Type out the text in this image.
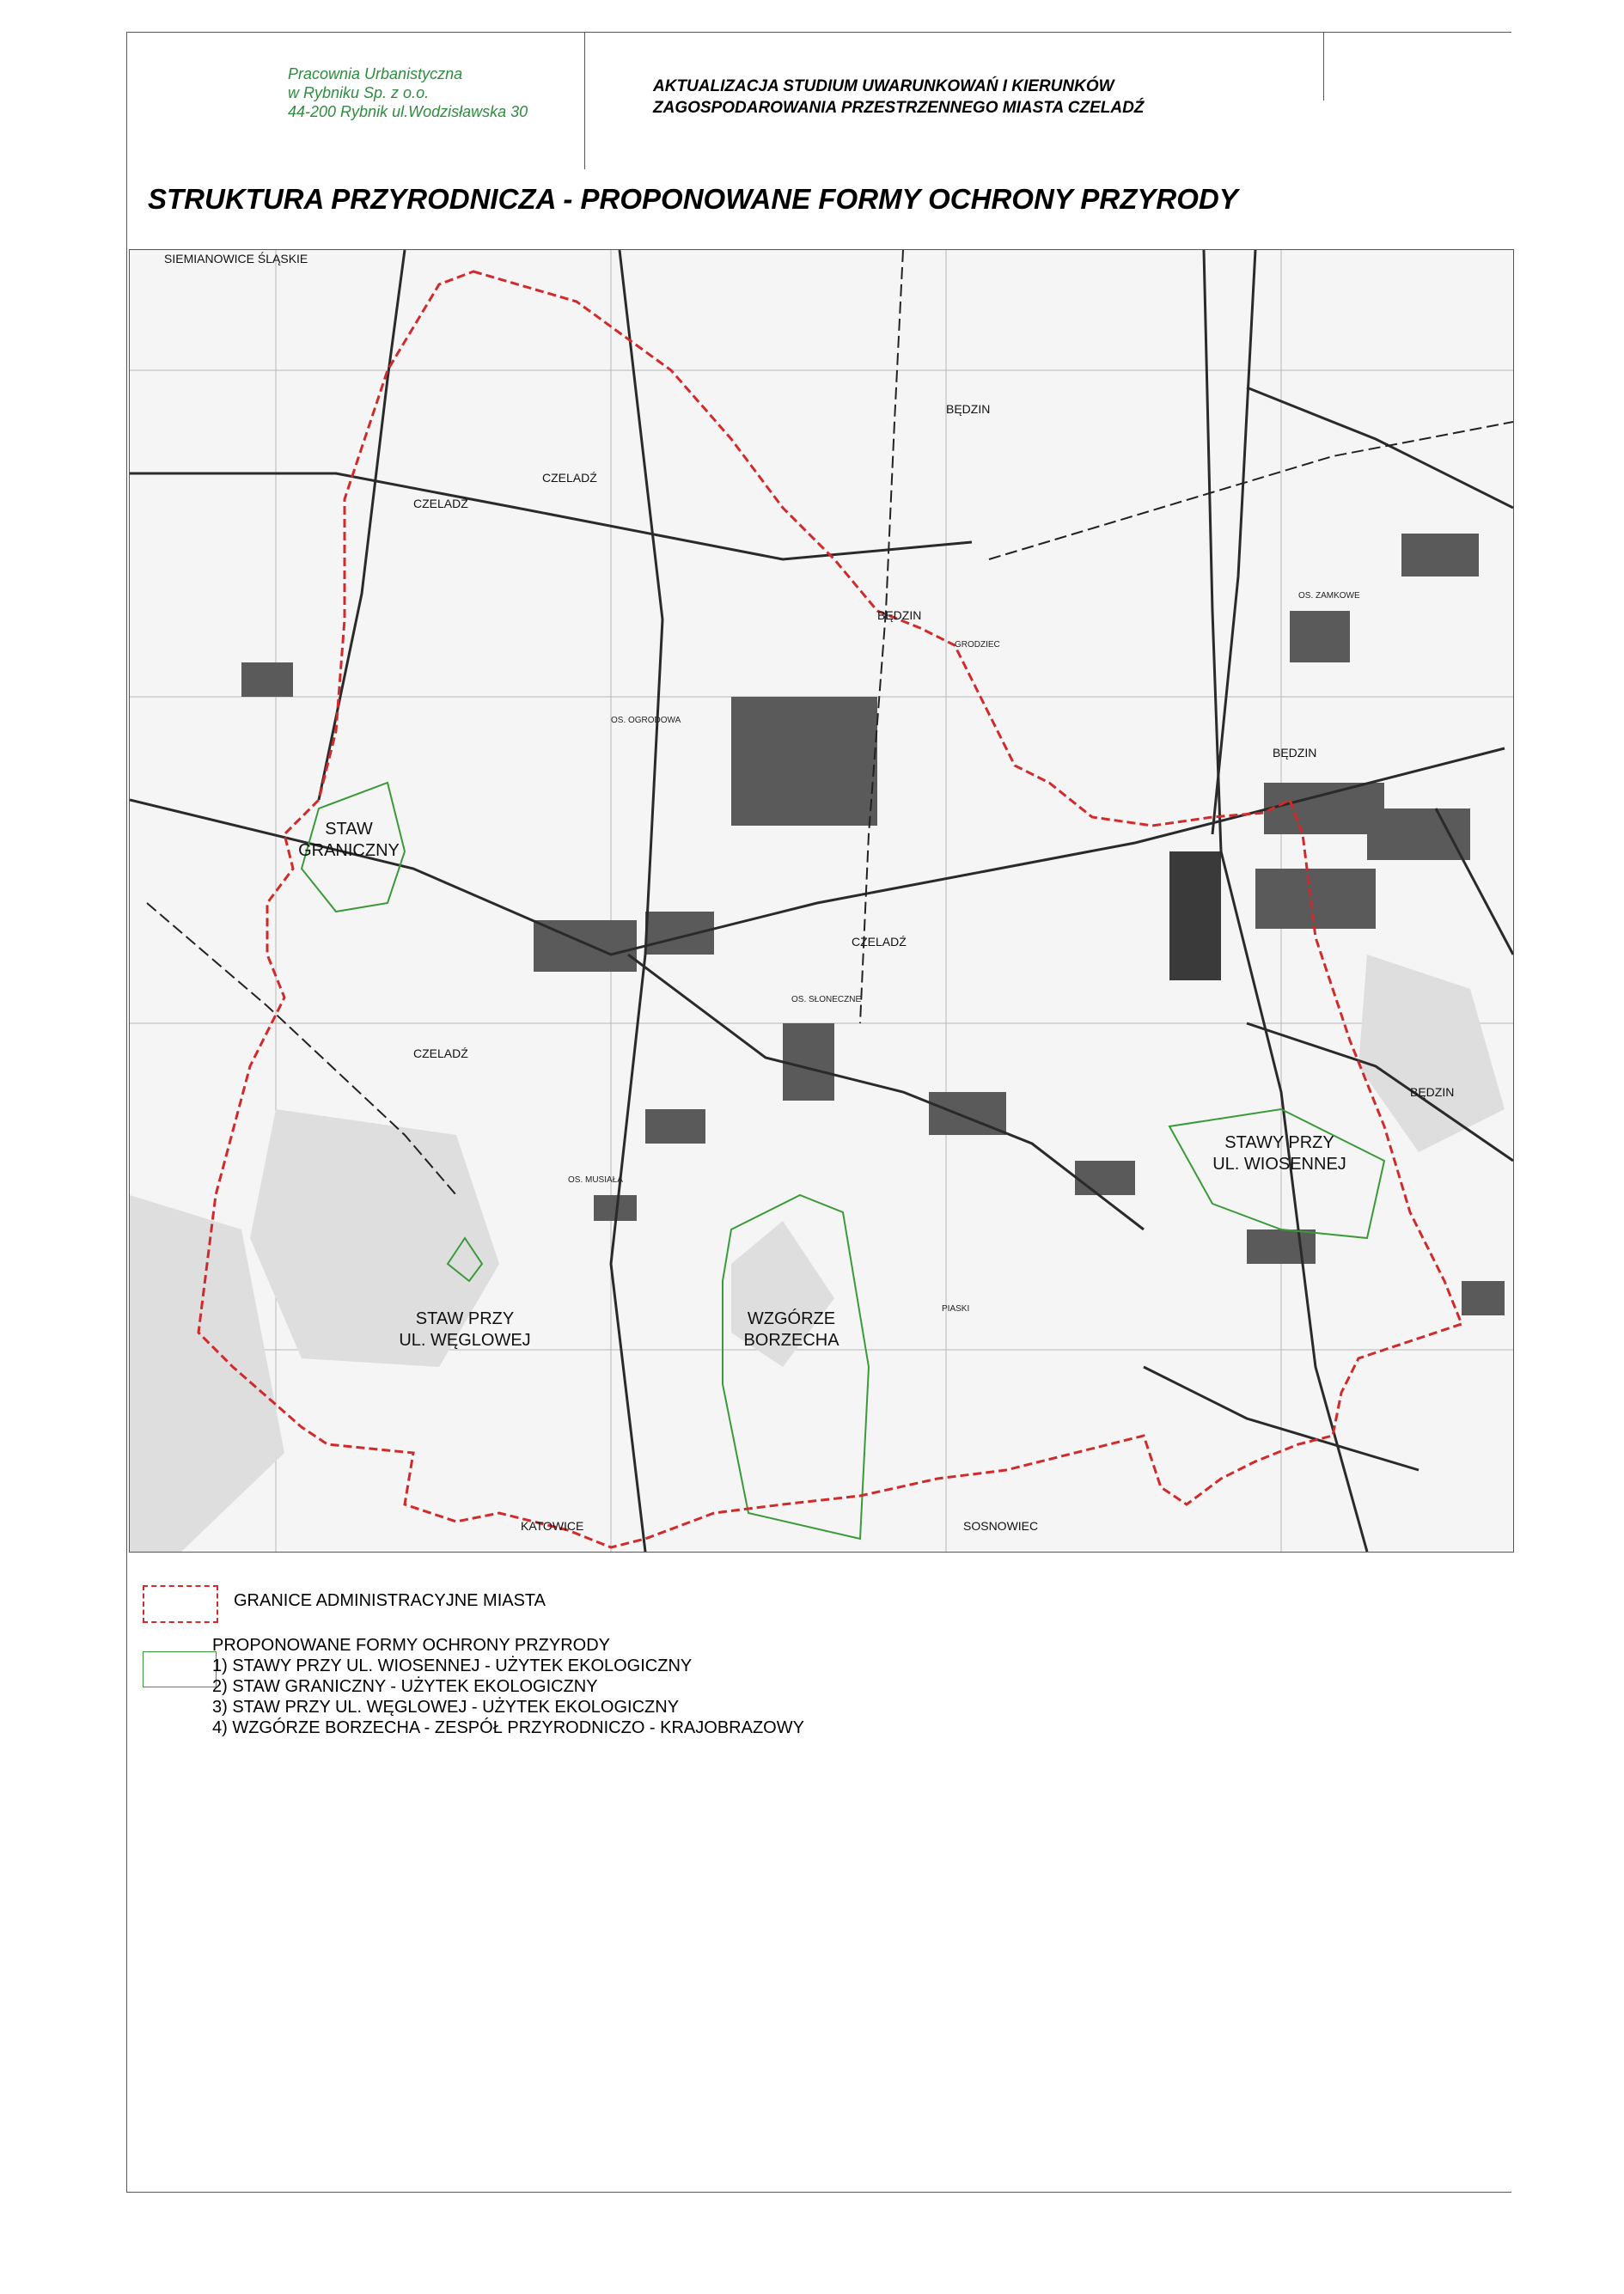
Pracownia Urbanistyczna
w Rybniku Sp. z o.o.
44-200 Rybnik ul.Wodzisławska 30
AKTUALIZACJA STUDIUM UWARUNKOWAŃ I KIERUNKÓW
ZAGOSPODAROWANIA PRZESTRZENNEGO MIASTA CZELADŹ
STRUKTURA PRZYRODNICZA - PROPONOWANE FORMY OCHRONY PRZYRODY
SIEMIANOWICE ŚLĄSKIE
CZELADŹ
CZELADŹ
CZELADŹ
CZELADŹ
BĘDZIN
BĘDZIN
BĘDZIN
BĘDZIN
KATOWICE	SOSNOWIEC
OS. ZAMKOWE
OS. OGRODOWA
OS. MUSIAŁA
OS. SŁONECZNE
GRODZIEC
PIASKI
STAW
GRANICZNY
STAWY PRZY
UL. WIOSENNEJ
STAW PRZY
UL. WĘGLOWEJ
WZGÓRZE
BORZECHA
GRANICE ADMINISTRACYJNE MIASTA
PROPONOWANE FORMY OCHRONY PRZYRODY
1) STAWY PRZY UL. WIOSENNEJ - UŻYTEK EKOLOGICZNY
2) STAW GRANICZNY - UŻYTEK EKOLOGICZNY
3) STAW PRZY UL. WĘGLOWEJ - UŻYTEK EKOLOGICZNY
4) WZGÓRZE BORZECHA - ZESPÓŁ PRZYRODNICZO - KRAJOBRAZOWY
